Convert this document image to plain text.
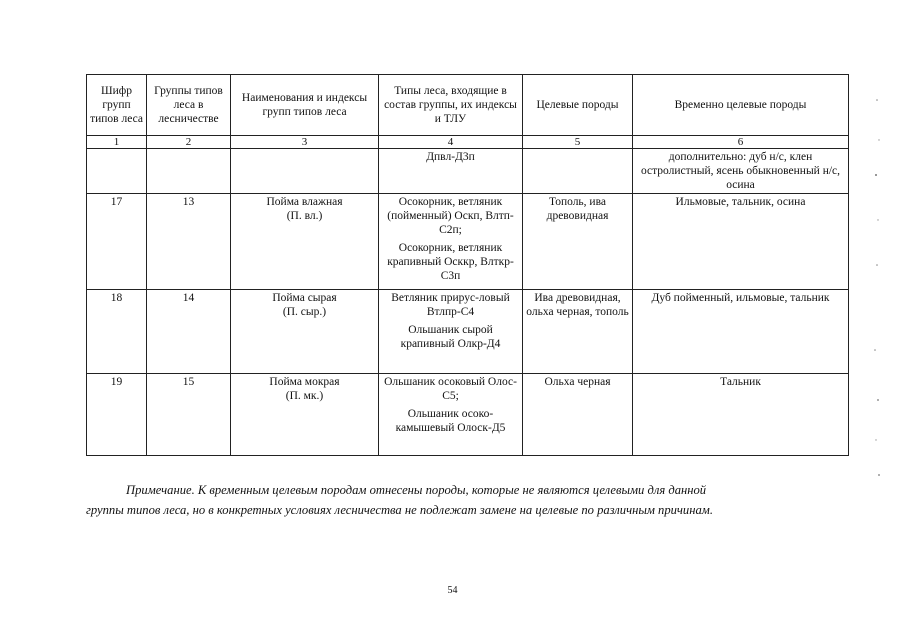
Шифр групп типов леса	Группы типов леса в лесничестве	Наименования и индексы групп типов леса	Типы леса, входящие в состав группы, их индексы и ТЛУ	Целевые породы	Временно целевые породы
1	2	3	4	5	6

			Дпвл-Д3п		дополнительно: дуб н/с, клен остролистный, ясень обыкновенный н/с, осина

17	13	Пойма влажная
(П. вл.)	Осокорник, ветляник (пойменный) Оскп, Влтп-С2п;
Осокорник, ветляник крапивный Осккр, Влткр-С3п	Тополь, ива древовидная	Ильмовые, тальник, осина

18	14	Пойма сырая
(П. сыр.)	Ветляник прирус-ловый Втлпр-С4
Ольшаник сырой крапивный Олкр-Д4	Ива древовидная, ольха черная, тополь	Дуб пойменный, ильмовые, тальник

19	15	Пойма мокрая
(П. мк.)	Ольшаник осоковый Олос-С5;
Ольшаник осоко-камышевый Олоск-Д5	Ольха черная	Тальник

Примечание. К временным целевым породам отнесены породы, которые не являются целевыми для данной
группы типов леса, но в конкретных условиях лесничества не подлежат замене на целевые по различным причинам.

54
